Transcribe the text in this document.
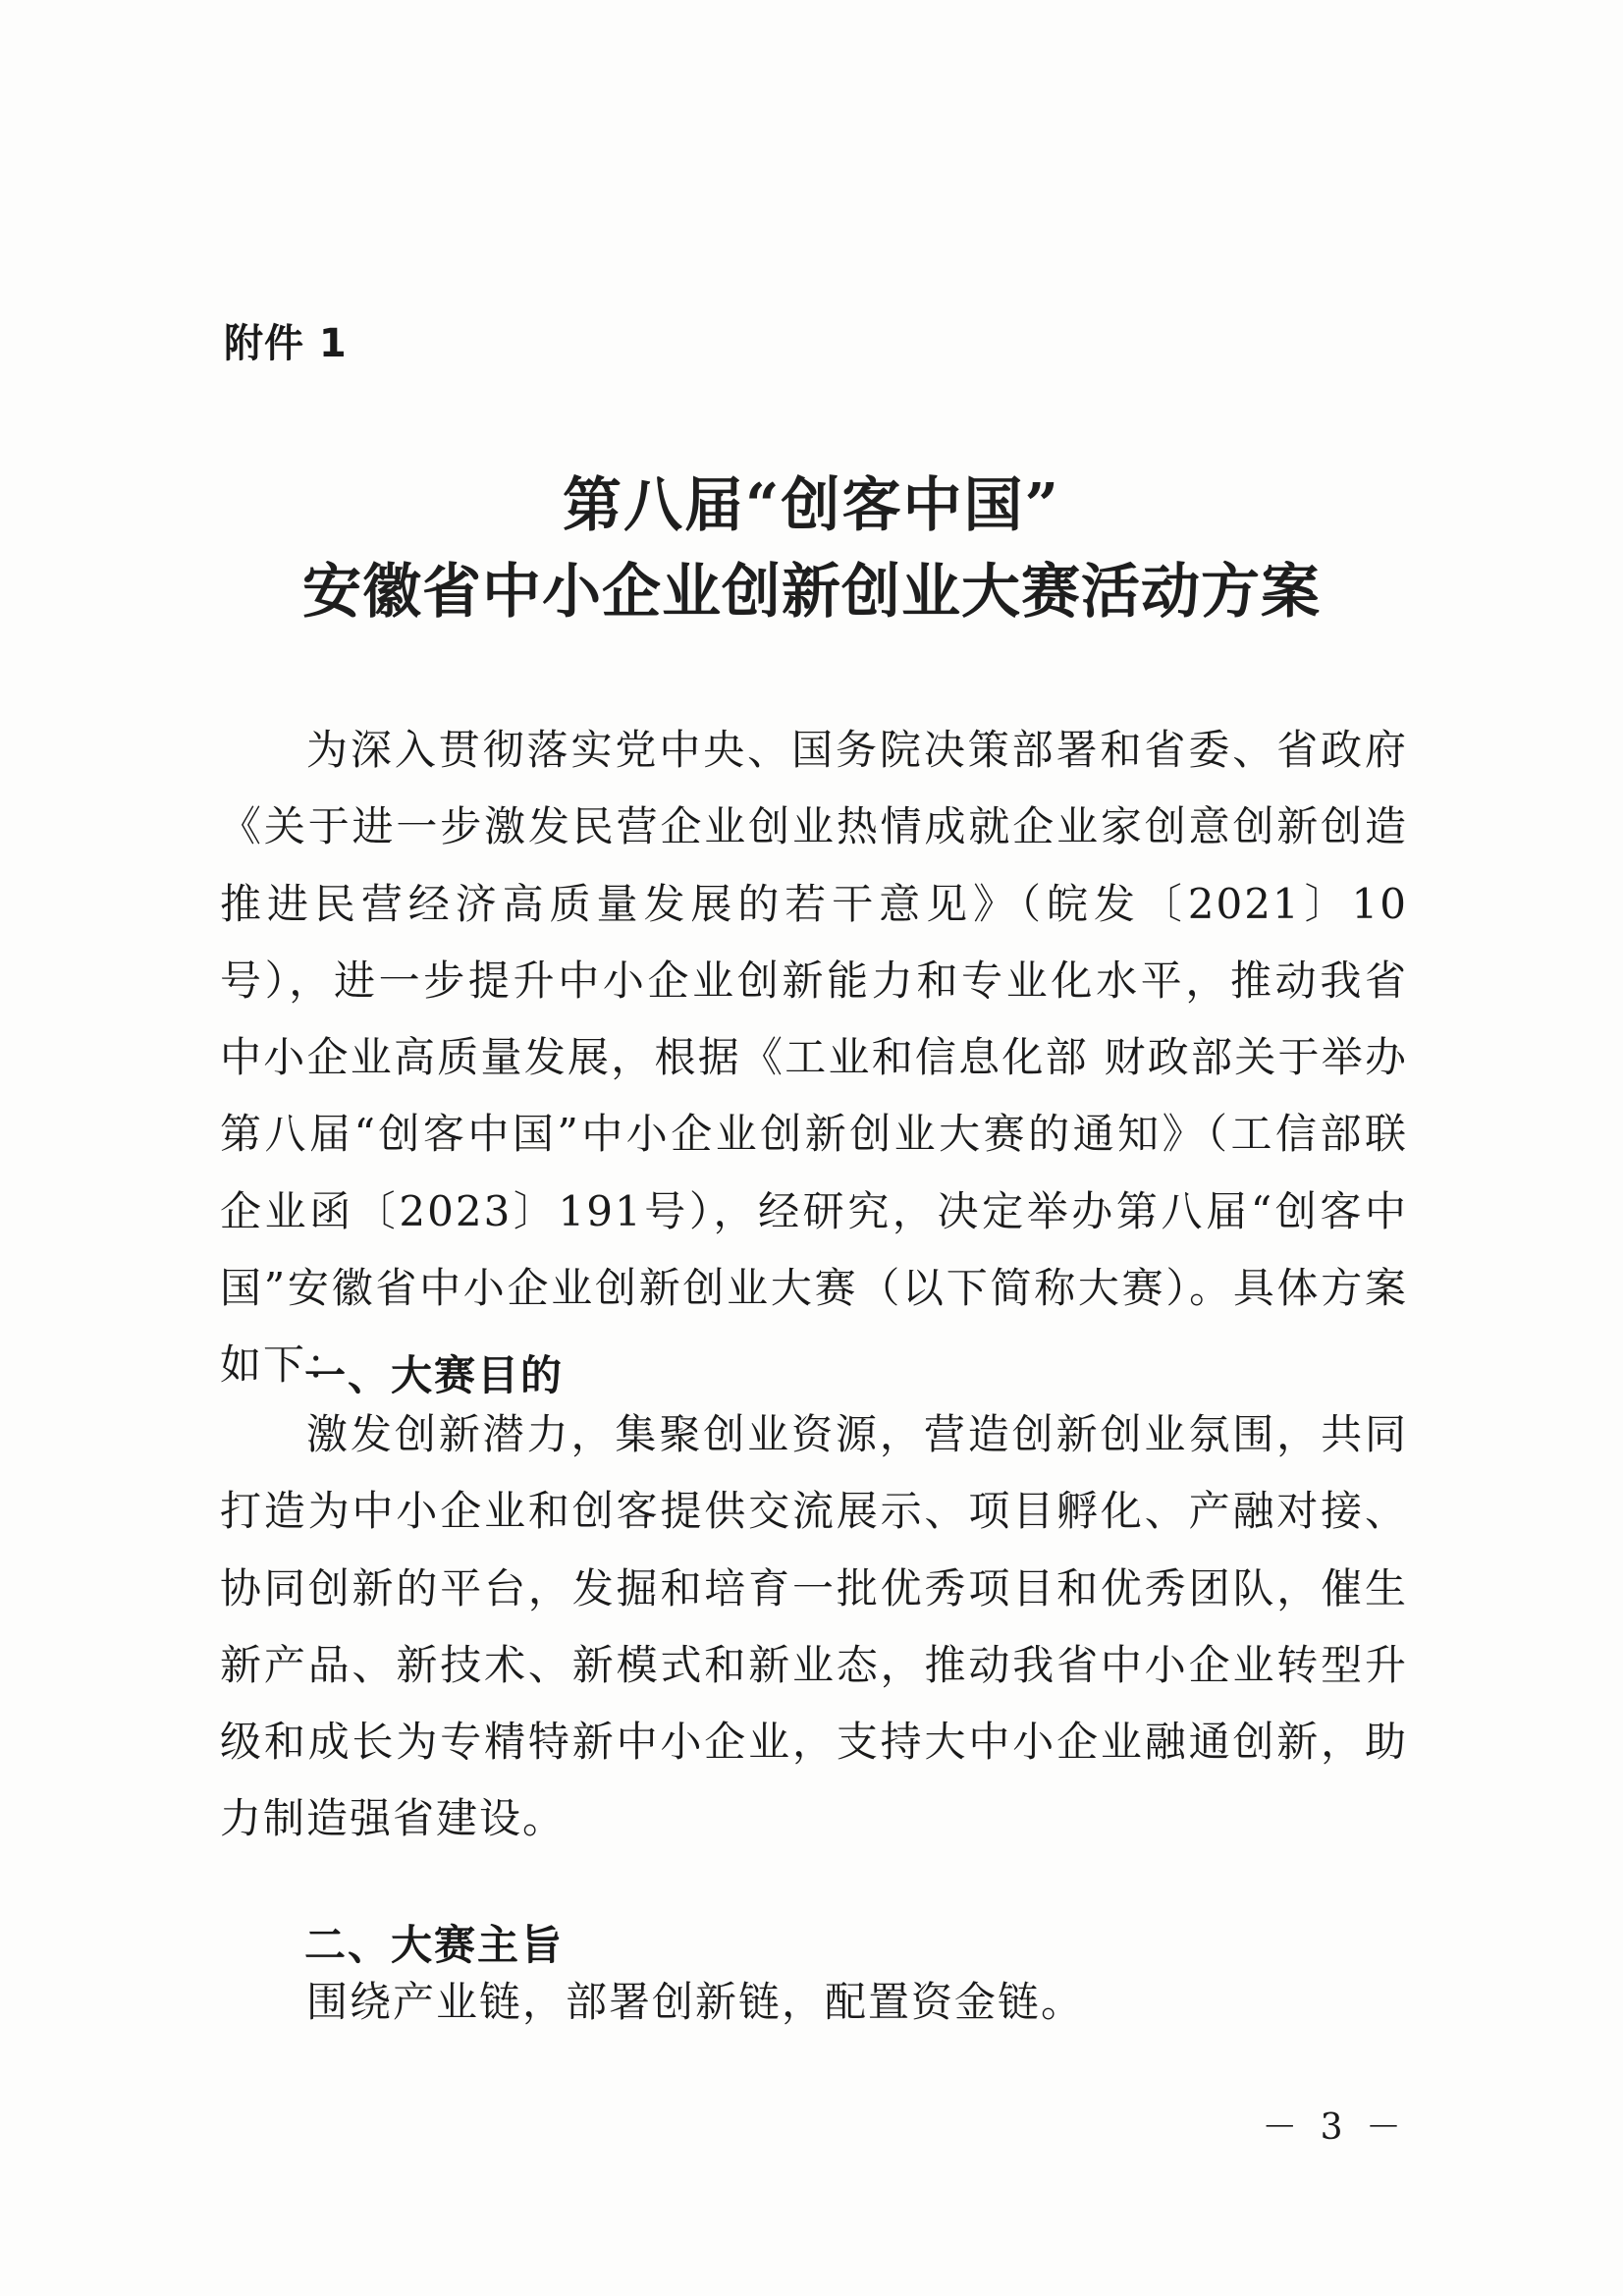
附件 1
第八届“创客中国”
安徽省中小企业创新创业大赛活动方案
为深入贯彻落实党中央、国务院决策部署和省委、省政府《关于进一步激发民营企业创业热情成就企业家创意创新创造推进民营经济高质量发展的若干意见》（皖发〔2021〕10号），进一步提升中小企业创新能力和专业化水平，推动我省中小企业高质量发展，根据《工业和信息化部 财政部关于举办第八届“创客中国”中小企业创新创业大赛的通知》（工信部联企业函〔2023〕191号），经研究，决定举办第八届“创客中国”安徽省中小企业创新创业大赛（以下简称大赛）。具体方案如下：
一、大赛目的
激发创新潜力，集聚创业资源，营造创新创业氛围，共同打造为中小企业和创客提供交流展示、项目孵化、产融对接、协同创新的平台，发掘和培育一批优秀项目和优秀团队，催生新产品、新技术、新模式和新业态，推动我省中小企业转型升级和成长为专精特新中小企业，支持大中小企业融通创新，助力制造强省建设。
二、大赛主旨
围绕产业链，部署创新链，配置资金链。
－ 3 －
